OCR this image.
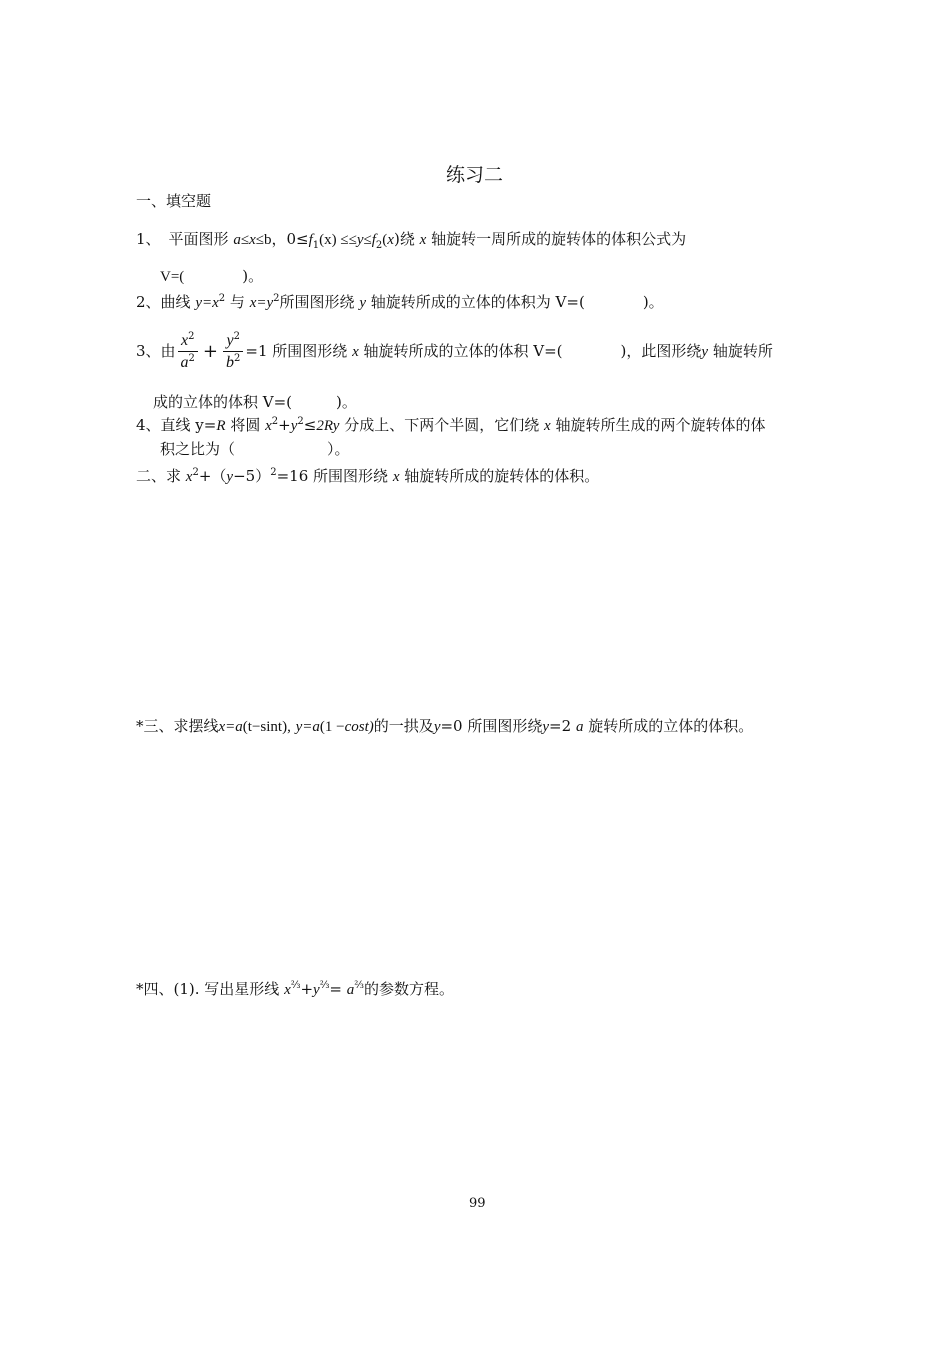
练习二
一、填空题
1、 平面图形 a≤x≤b，$0\le f_1(x) \le\le y\le f_2(x)$绕 x 轴旋转一周所成的旋转体的体积公式为
V=(	)。
2、曲线 $y=x^2$ 与 $x=y^2$所围图形绕 y 轴旋转所成的立体的体积为 V=(	)。
3、由 $\frac{x^2}{a^2} + \frac{y^2}{b^2} =1$ 所围图形绕 x 轴旋转所成的立体的体积 V=(	)，此图形绕y 轴旋转所
成的立体的体积 V=(	)。
4、直线 y=R 将圆 $x^2+y^2\le 2Ry$ 分成上、下两个半圆，它们绕 x 轴旋转所生成的两个旋转体的体
积之比为（	）。
二、求 $x^2+(y-5)^2=16$ 所围图形绕 x 轴旋转所成的旋转体的体积。
*三、求摆线x=a(t−sint), y=a(1 −cost)的一拱及y=0 所围图形绕y=2 a 旋转所成的立体的体积。
*四、(1). 写出星形线 $x^{\frac{2}{3}}+y^{\frac{2}{3}}= a^{\frac{2}{3}}$的参数方程。
99
